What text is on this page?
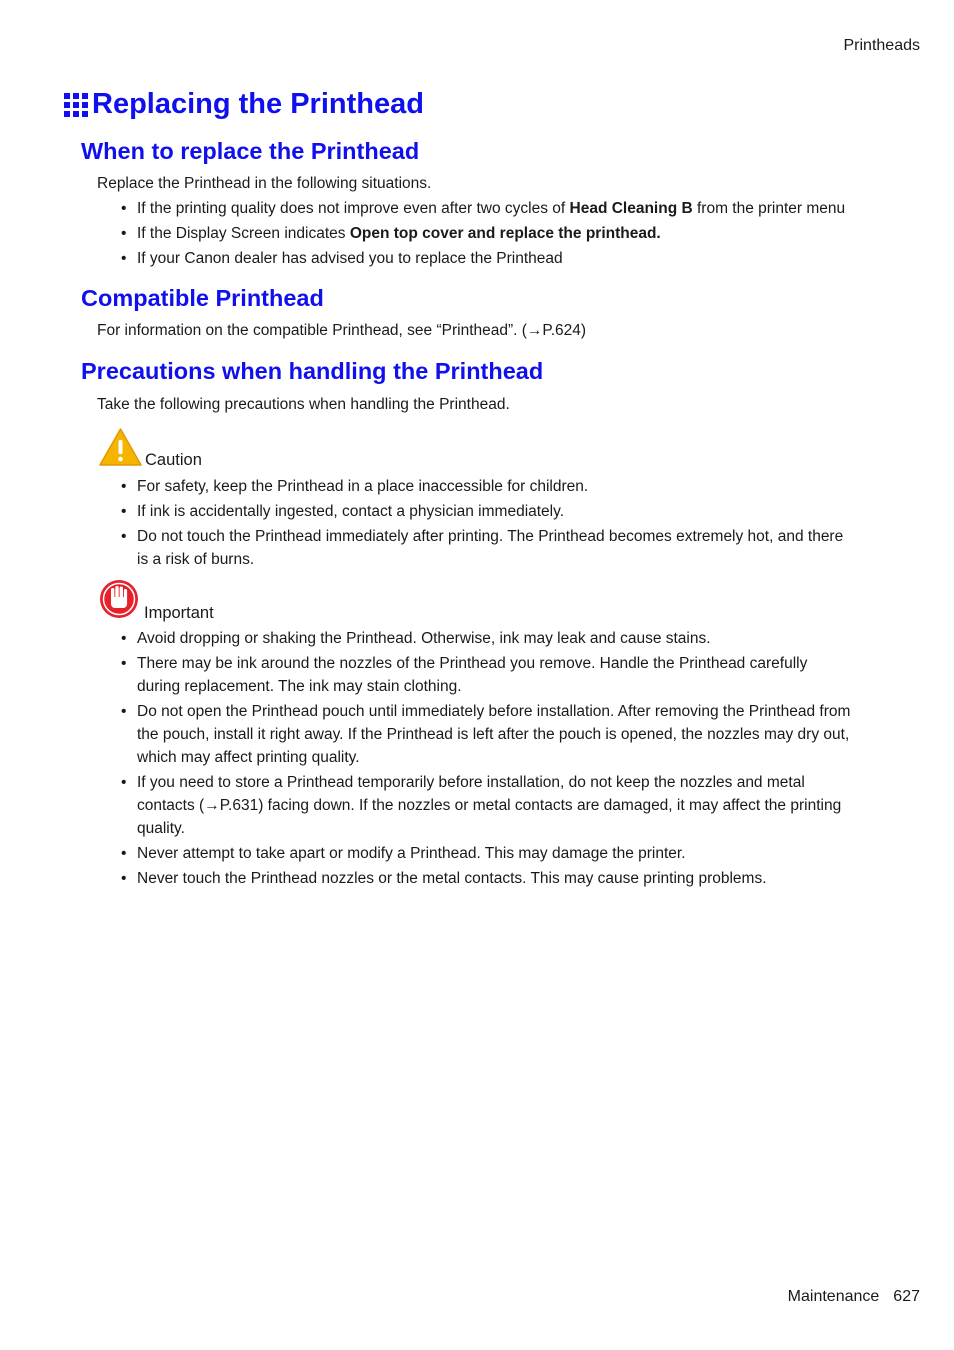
Printheads
Replacing the Printhead
When to replace the Printhead

Replace the Printhead in the following situations.

• If the printing quality does not improve even after two cycles of Head Cleaning B from the printer menu
• If the Display Screen indicates Open top cover and replace the printhead.
• If your Canon dealer has advised you to replace the Printhead
Compatible Printhead

For information on the compatible Printhead, see “Printhead”. (→P.624)

Precautions when handling the Printhead

Take the following precautions when handling the Printhead.

Caution
• For safety, keep the Printhead in a place inaccessible for children.
• If ink is accidentally ingested, contact a physician immediately.
• Do not touch the Printhead immediately after printing. The Printhead becomes extremely hot, and there is a risk of burns.
Important
• Avoid dropping or shaking the Printhead. Otherwise, ink may leak and cause stains.
• There may be ink around the nozzles of the Printhead you remove. Handle the Printhead carefully during replacement. The ink may stain clothing.
• Do not open the Printhead pouch until immediately before installation. After removing the Printhead from the pouch, install it right away. If the Printhead is left after the pouch is opened, the nozzles may dry out, which may affect printing quality.
• If you need to store a Printhead temporarily before installation, do not keep the nozzles and metal contacts (→P.631) facing down. If the nozzles or metal contacts are damaged, it may affect the printing quality.
• Never attempt to take apart or modify a Printhead. This may damage the printer.
• Never touch the Printhead nozzles or the metal contacts. This may cause printing problems.
Maintenance 627
